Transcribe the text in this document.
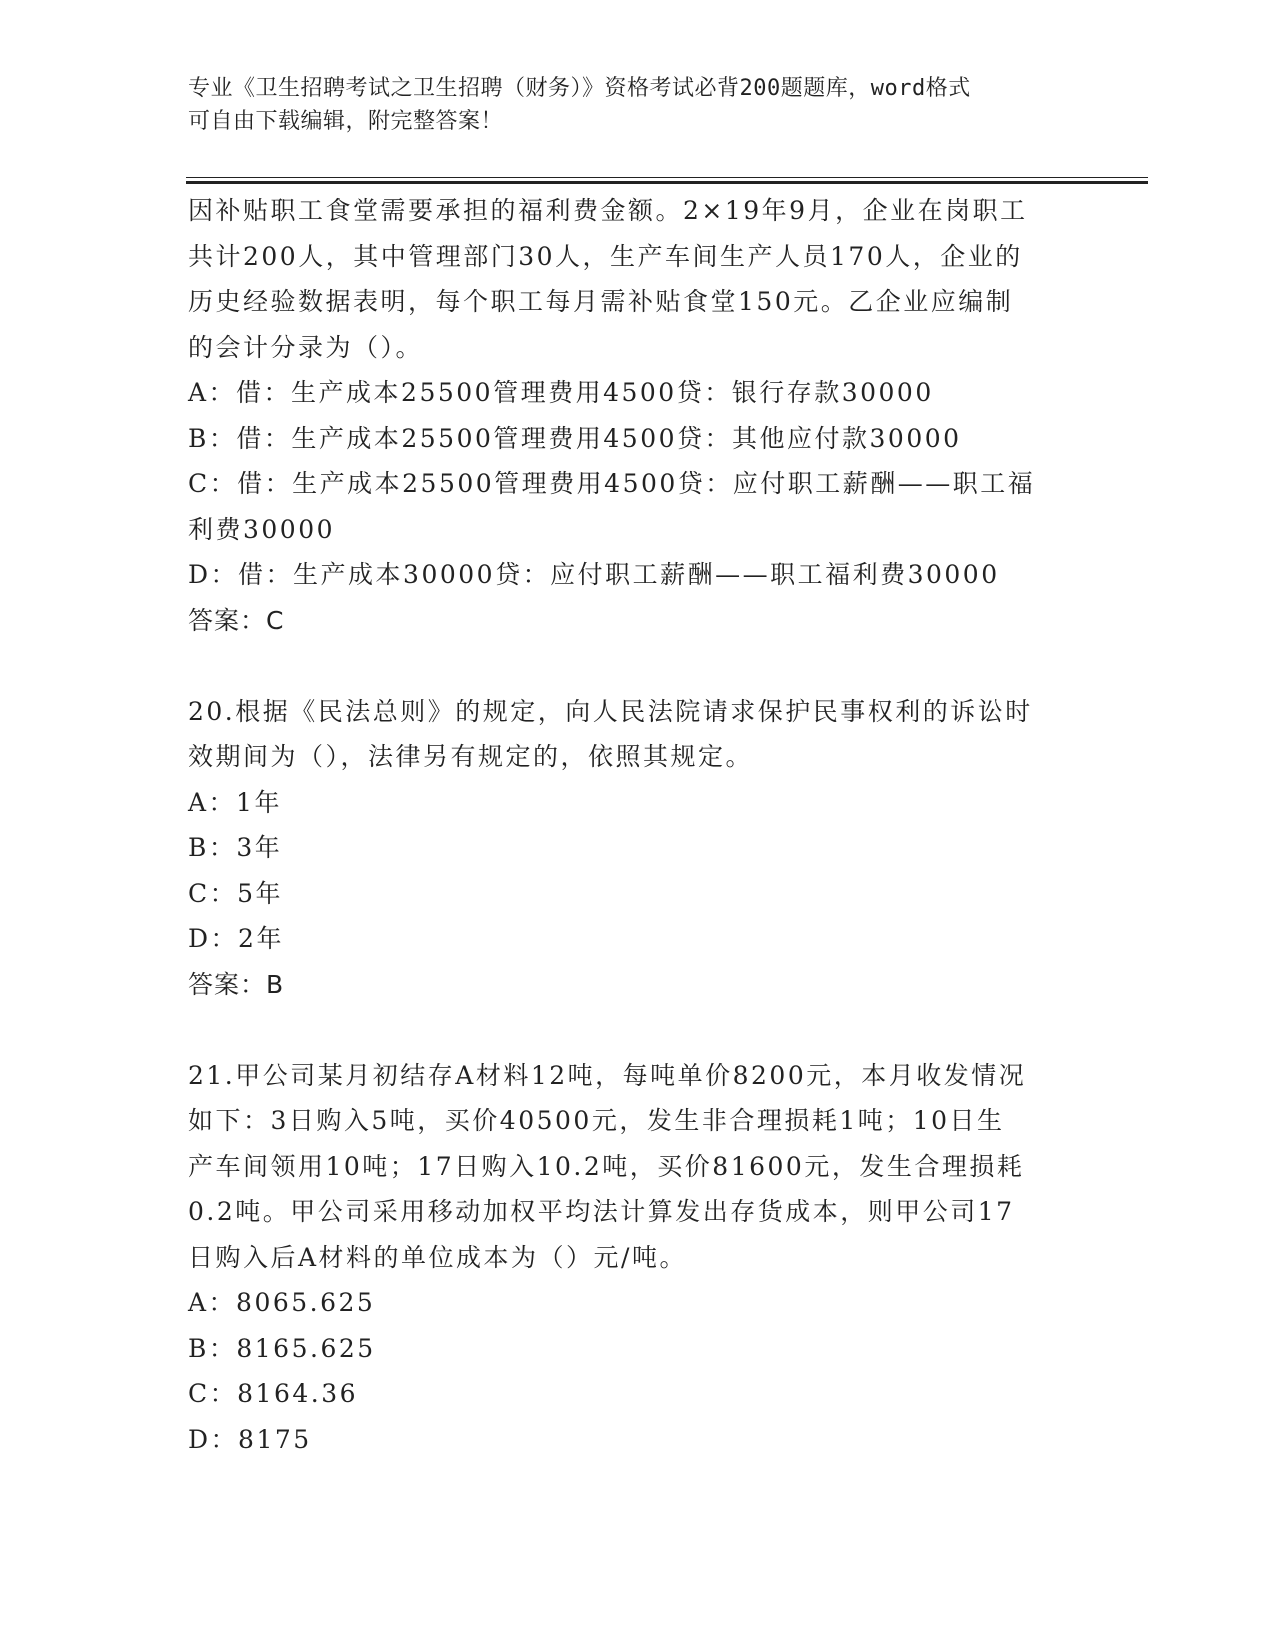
专业《卫生招聘考试之卫生招聘（财务）》资格考试必背200题题库，word格式
可自由下载编辑，附完整答案！
因补贴职工食堂需要承担的福利费金额。2×19年9月，企业在岗职工
共计200人，其中管理部门30人，生产车间生产人员170人，企业的
历史经验数据表明，每个职工每月需补贴食堂150元。乙企业应编制
的会计分录为（）。
A：借：生产成本25500管理费用4500贷：银行存款30000
B：借：生产成本25500管理费用4500贷：其他应付款30000
C：借：生产成本25500管理费用4500贷：应付职工薪酬——职工福
利费30000
D：借：生产成本30000贷：应付职工薪酬——职工福利费30000
答案：C
20.根据《民法总则》的规定，向人民法院请求保护民事权利的诉讼时
效期间为（），法律另有规定的，依照其规定。
A：1年
B：3年
C：5年
D：2年
答案：B
21.甲公司某月初结存A材料12吨，每吨单价8200元，本月收发情况
如下：3日购入5吨，买价40500元，发生非合理损耗1吨；10日生
产车间领用10吨；17日购入10.2吨，买价81600元，发生合理损耗
0.2吨。甲公司采用移动加权平均法计算发出存货成本，则甲公司17
日购入后A材料的单位成本为（）元/吨。
A：8065.625
B：8165.625
C：8164.36
D：8175
